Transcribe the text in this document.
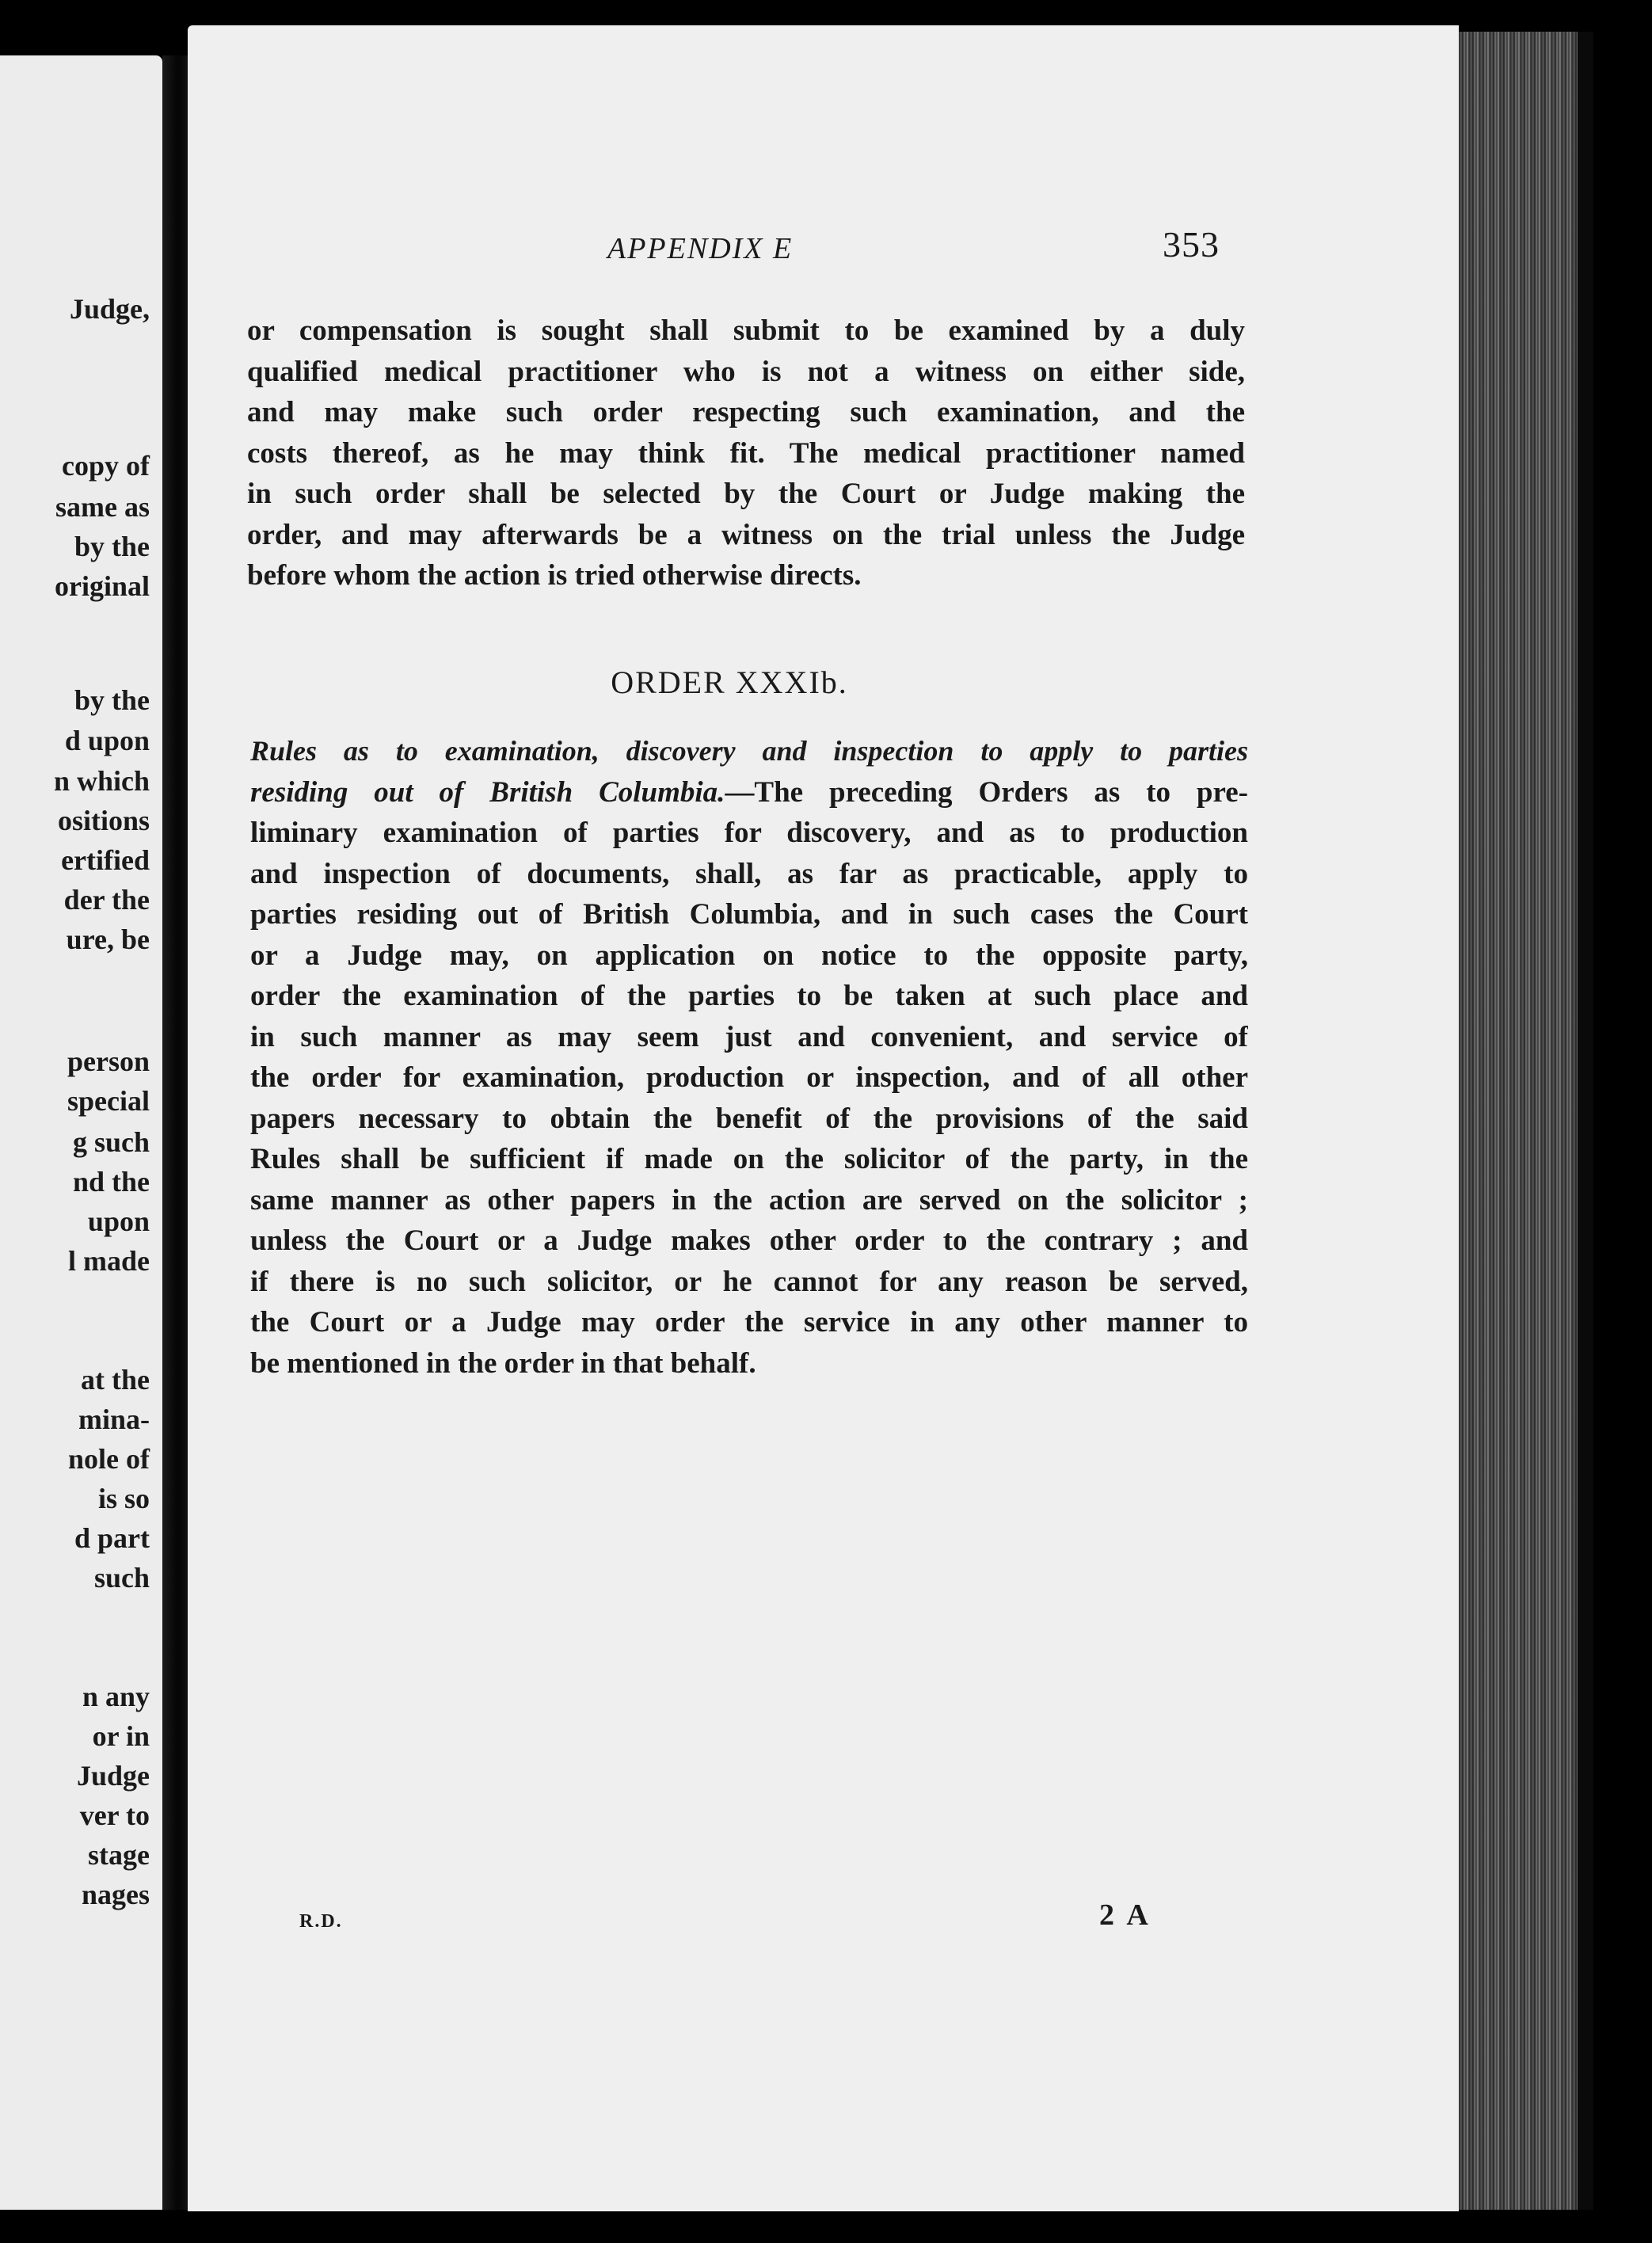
Judge,
copy of
same as
by the
original
by the
d upon
n which
ositions
ertified
der the
ure, be
person
special
g such
nd the
upon
l made
at the
mina-
nole of
is so
d part
such
n any
or in
Judge
ver to
stage
nages
APPENDIX E	353
or compensation is sought shall submit to be examined by a duly
qualified medical practitioner who is not a witness on either side,
and may make such order respecting such examination, and the
costs thereof, as he may think fit. The medical practitioner named
in such order shall be selected by the Court or Judge making the
order, and may afterwards be a witness on the trial unless the Judge
before whom the action is tried otherwise directs.
ORDER XXXIb.
Rules as to examination, discovery and inspection to apply to parties
residing out of British Columbia.—The preceding Orders as to pre-
liminary examination of parties for discovery, and as to production
and inspection of documents, shall, as far as practicable, apply to
parties residing out of British Columbia, and in such cases the Court
or a Judge may, on application on notice to the opposite party,
order the examination of the parties to be taken at such place and
in such manner as may seem just and convenient, and service of
the order for examination, production or inspection, and of all other
papers necessary to obtain the benefit of the provisions of the said
Rules shall be sufficient if made on the solicitor of the party, in the
same manner as other papers in the action are served on the solicitor ;
unless the Court or a Judge makes other order to the contrary ; and
if there is no such solicitor, or he cannot for any reason be served,
the Court or a Judge may order the service in any other manner to
be mentioned in the order in that behalf.
R.D.	2 A
